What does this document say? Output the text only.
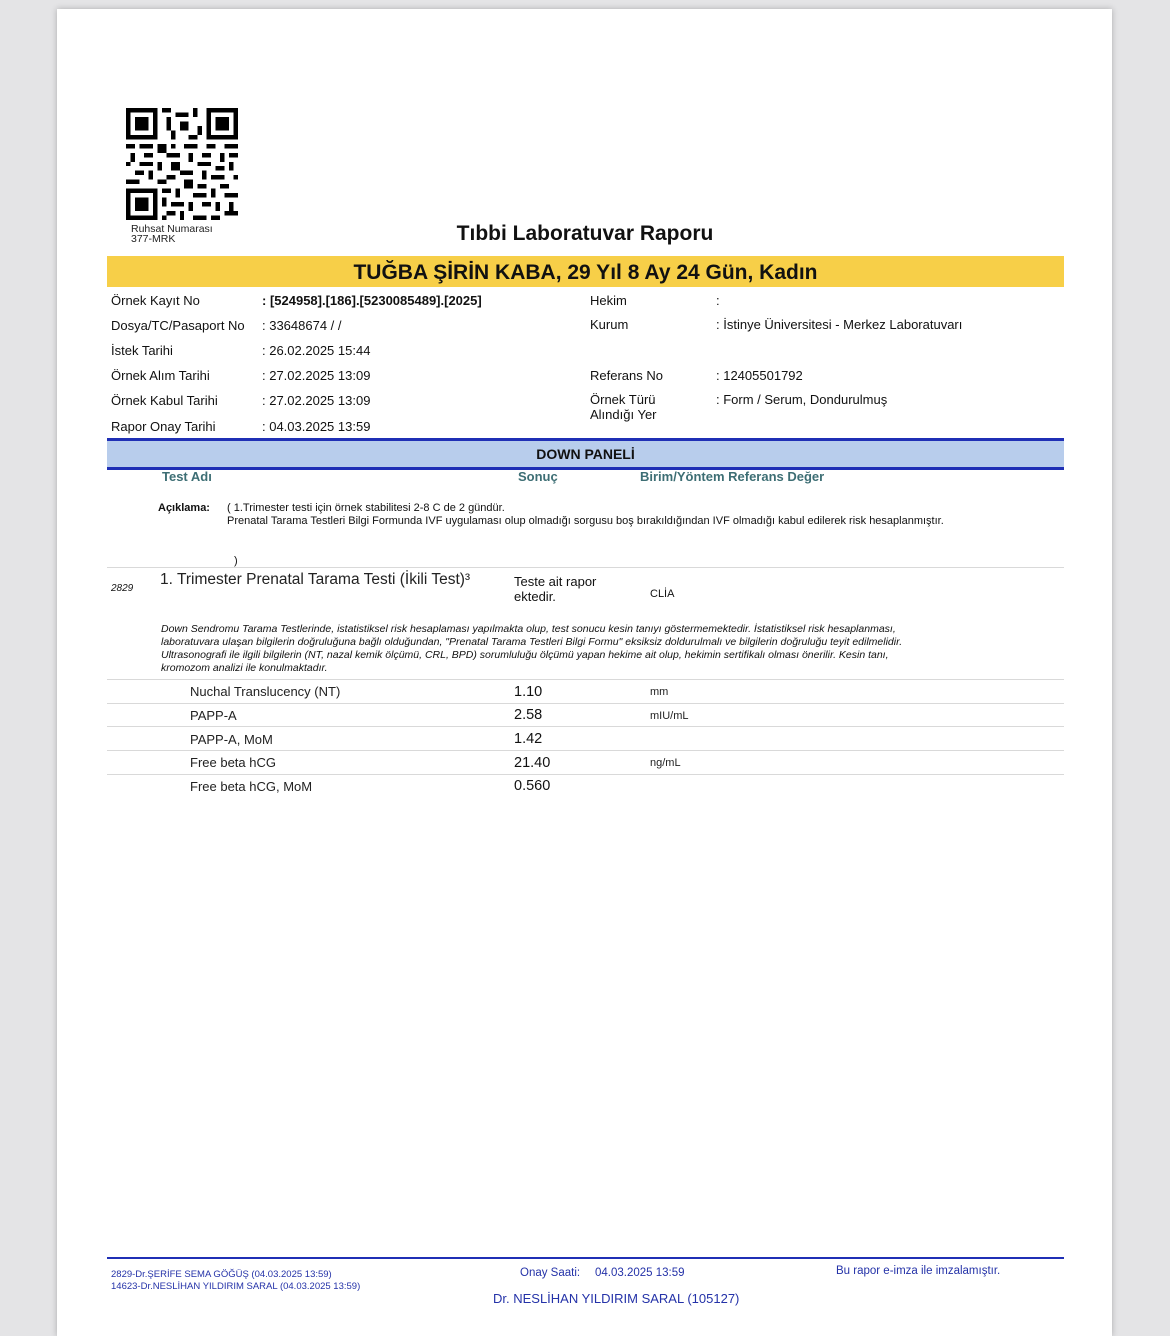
Ruhsat Numarası
377-MRK	Tıbbi Laboratuvar Raporu
TUĞBA ŞİRİN KABA, 29 Yıl 8 Ay 24 Gün, Kadın
Örnek Kayıt No	: [524958].[186].[5230085489].[2025]
Dosya/TC/Pasaport No : 33648674 / /
İstek Tarihi	: 26.02.2025 15:44
Örnek Alım Tarihi	: 27.02.2025 13:09
Örnek Kabul Tarihi	: 27.02.2025 13:09
Rapor Onay Tarihi	: 04.03.2025 13:59
Hekim	:
Kurum	: İstinye Üniversitesi - Merkez Laboratuvarı
Referans No	: 12405501792
Örnek Türü
Alındığı Yer
: Form / Serum, Dondurulmuş
DOWN PANELİ
Test Adı	Sonuç	Birim/Yöntem Referans Değer
Açıklama: ( 1.Trimester testi için örnek stabilitesi 2-8 C de 2 gündür.
Prenatal Tarama Testleri Bilgi Formunda IVF uygulaması olup olmadığı sorgusu boş bırakıldığından IVF olmadığı kabul edilerek risk hesaplanmıştır.
)
2829
1. Trimester Prenatal Tarama Testi (İkili Test)³	Teste ait rapor ektedir.	CLİA
Down Sendromu Tarama Testlerinde, istatistiksel risk hesaplaması yapılmakta olup, test sonucu kesin tanıyı göstermemektedir. İstatistiksel risk hesaplanması,
laboratuvara ulaşan bilgilerin doğruluğuna bağlı olduğundan, "Prenatal Tarama Testleri Bilgi Formu" eksiksiz doldurulmalı ve bilgilerin doğruluğu teyit edilmelidir.
Ultrasonografi ile ilgili bilgilerin (NT, nazal kemik ölçümü, CRL, BPD) sorumluluğu ölçümü yapan hekime ait olup, hekimin sertifikalı olması önerilir. Kesin tanı,
kromozom analizi ile konulmaktadır.
Nuchal Translucency (NT)	1.10	mm
PAPP-A	2.58	mIU/mL
PAPP-A, MoM	1.42
Free beta hCG	21.40	ng/mL
Free beta hCG, MoM	0.560
2829-Dr.ŞERİFE SEMA GÖĞÜŞ (04.03.2025 13:59)
14623-Dr.NESLİHAN YILDIRIM SARAL (04.03.2025 13:59)
Onay Saati: 04.03.2025 13:59	Bu rapor e-imza ile imzalamıştır.
Dr. NESLİHAN YILDIRIM SARAL (105127)
